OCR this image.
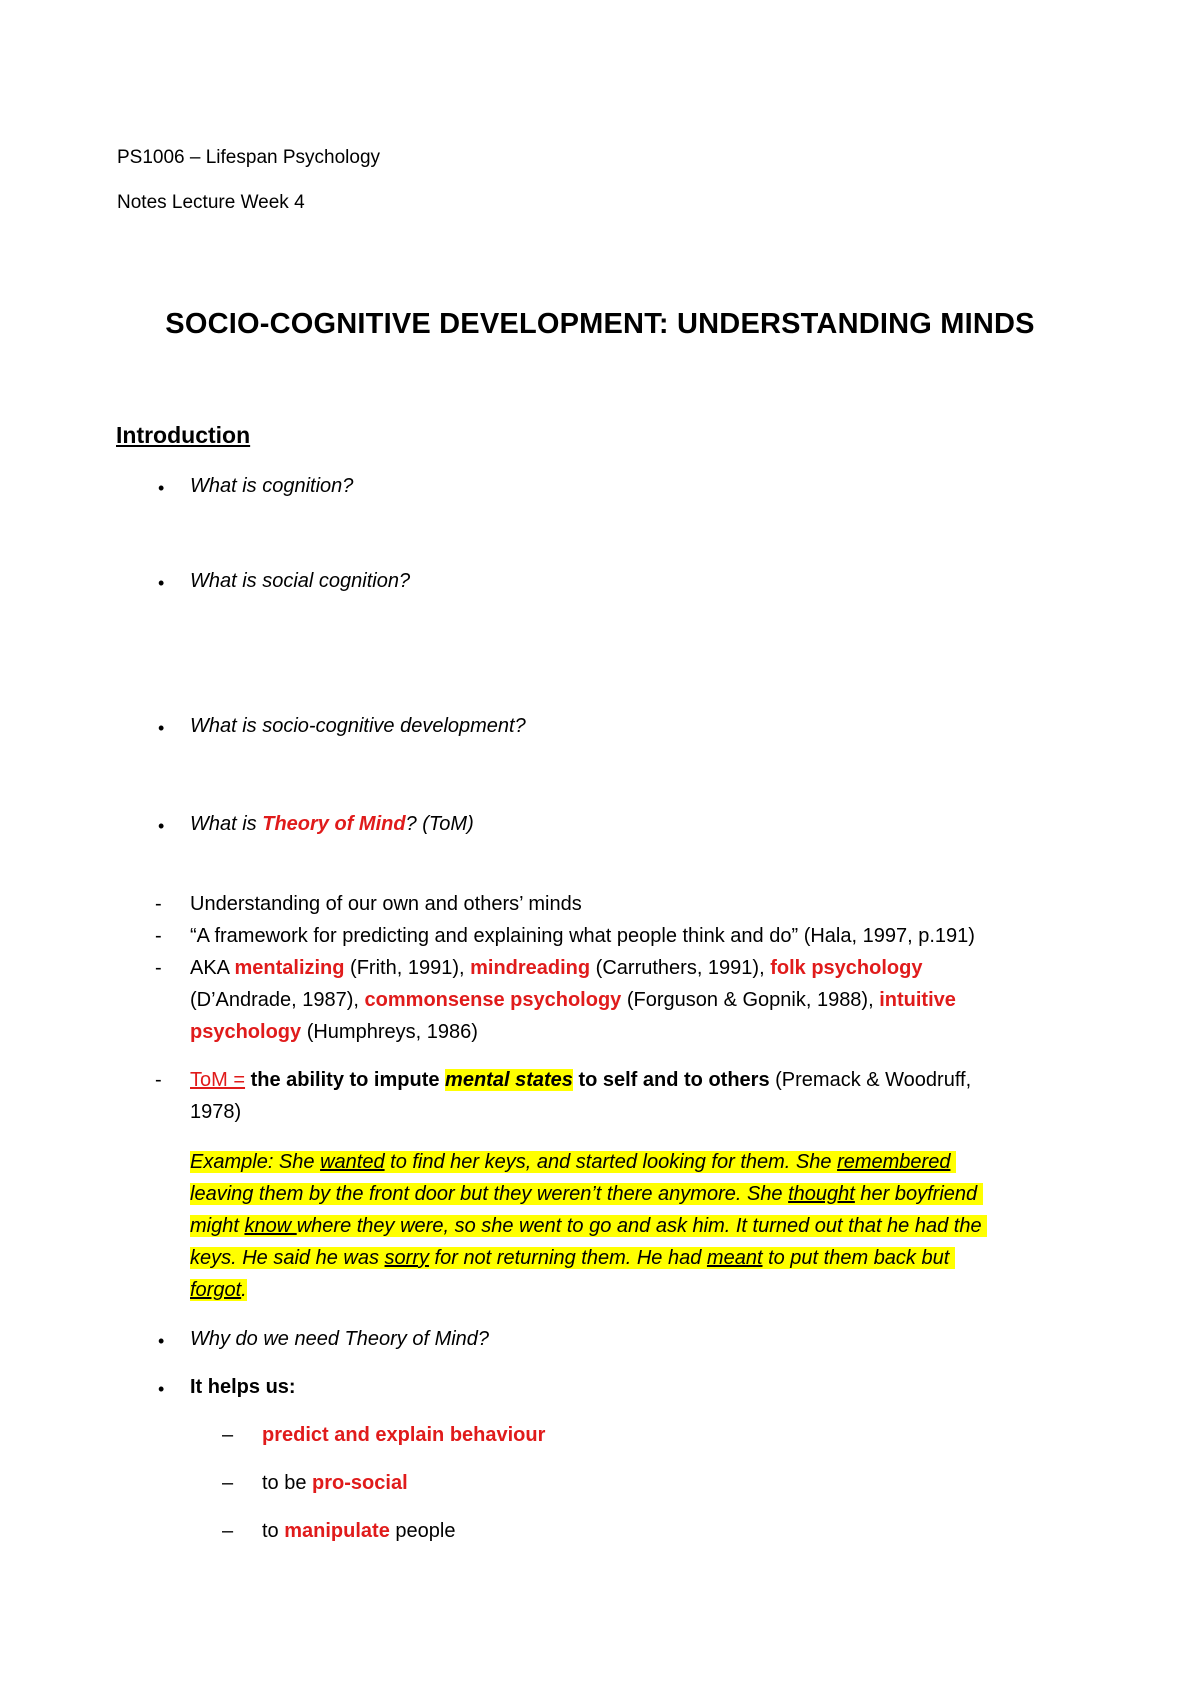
PS1006 – Lifespan Psychology
Notes Lecture Week 4
SOCIO-COGNITIVE DEVELOPMENT: UNDERSTANDING MINDS
Introduction
• What is cognition?
• What is social cognition?
• What is socio-cognitive development?
• What is Theory of Mind? (ToM)
- Understanding of our own and others’ minds
- “A framework for predicting and explaining what people think and do” (Hala, 1997, p.191)
- AKA mentalizing (Frith, 1991), mindreading (Carruthers, 1991), folk psychology
(D’Andrade, 1987), commonsense psychology (Forguson & Gopnik, 1988), intuitive
psychology (Humphreys, 1986)
- ToM = the ability to impute mental states to self and to others (Premack & Woodruff,
1978)
Example: She wanted to find her keys, and started looking for them. She remembered
leaving them by the front door but they weren’t there anymore. She thought her boyfriend
might know where they were, so she went to go and ask him. It turned out that he had the
keys. He said he was sorry for not returning them. He had meant to put them back but
forgot.
• Why do we need Theory of Mind?
• It helps us:
– predict and explain behaviour
– to be pro-social
– to manipulate people
